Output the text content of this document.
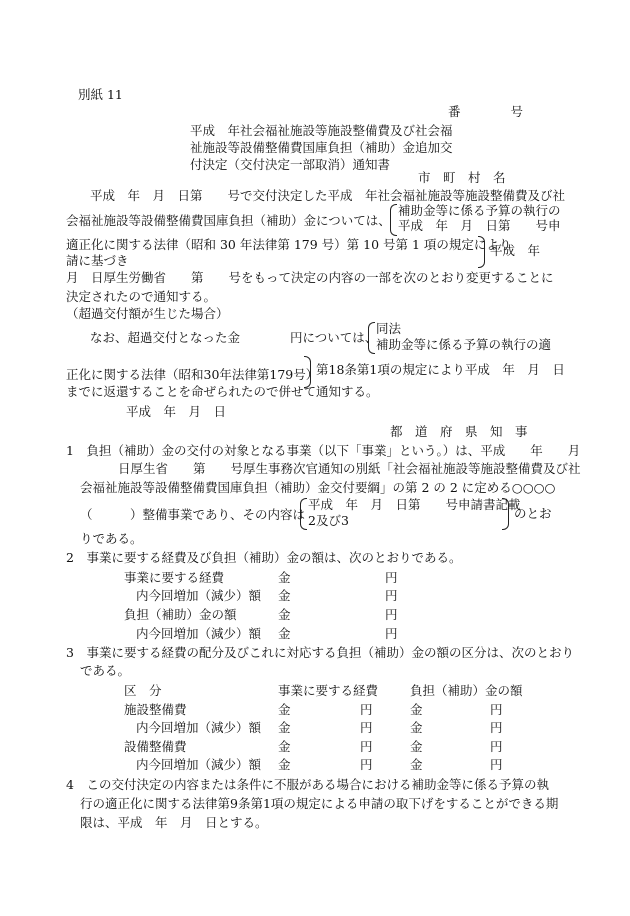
別紙 11
番　　　　号
平成　年社会福祉施設等施設整備費及び社会福
祉施設等設備整備費国庫負担（補助）金追加交
付決定（交付決定一部取消）通知書
市　町　村　名
平成　年　月　日第　　号で交付決定した平成　年社会福祉施設等施設整備費及び社
会福祉施設等設備整備費国庫負担（補助）金については、
補助金等に係る予算の執行の
平成　年　月　日第　　号申
適正化に関する法律（昭和 30 年法律第 179 号）第 10 号第 1 項の規定により
請に基づき
平成　年
月　日厚生労働省　　第　　号をもって決定の内容の一部を次のとおり変更することに
決定されたので通知する。
（超過交付額が生じた場合）
なお、超過交付となった金　　　　円については、
同法
補助金等に係る予算の執行の適
正化に関する法律（昭和30年法律第179号）
第18条第1項の規定により平成　年　月　日
までに返還することを命ぜられたので併せて通知する。
平成　年　月　日
都　道　府　県　知　事
1　負担（補助）金の交付の対象となる事業（以下「事業」という。）は、平成　　年　　月
日厚生省　　第　　号厚生事務次官通知の別紙「社会福祉施設等施設整備費及び社
会福祉施設等設備整備費国庫負担（補助）金交付要綱」の第 2 の 2 に定める○○○○
（　　　）整備事業であり、その内容は
平成　年　月　日第　　号申請書記載
2及び3	のとお
りである。
2　事業に要する経費及び負担（補助）金の額は、次のとおりである。
事業に要する経費	金	円
内今回増加（減少）額 金	円
負担（補助）金の額	金	円
内今回増加（減少）額 金	円
3　事業に要する経費の配分及びこれに対応する負担（補助）金の額の区分は、次のとおり
である。
区　分	事業に要する経費	負担（補助）金の額
施設整備費	金	円	金	円
内今回増加（減少）額 金	円	金	円
設備整備費	金	円	金	円
内今回増加（減少）額 金	円	金	円
4　この交付決定の内容または条件に不服がある場合における補助金等に係る予算の執
行の適正化に関する法律第9条第1項の規定による申請の取下げをすることができる期
限は、平成　年　月　日とする。
